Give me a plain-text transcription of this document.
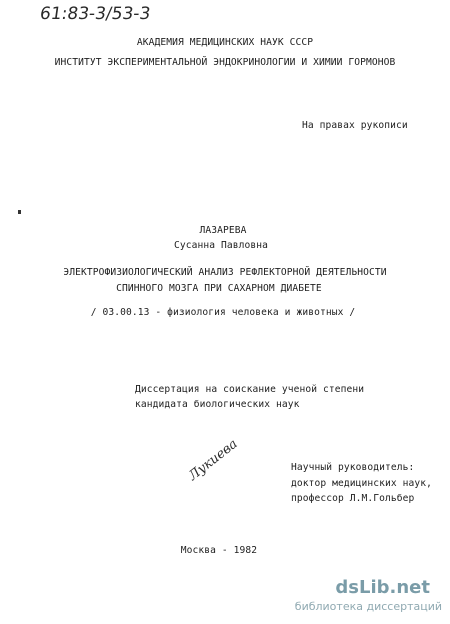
61:83-3/53-3
АКАДЕМИЯ МЕДИЦИНСКИХ НАУК СССР
ИНСТИТУТ ЭКСПЕРИМЕНТАЛЬНОЙ ЭНДОКРИНОЛОГИИ И ХИМИИ ГОРМОНОВ
На правах рукописи
ЛАЗАРЕВА
Сусанна Павловна
ЭЛЕКТРОФИЗИОЛОГИЧЕСКИЙ АНАЛИЗ РЕФЛЕКТОРНОЙ ДЕЯТЕЛЬНОСТИ
СПИННОГО МОЗГА ПРИ САХАРНОМ ДИАБЕТЕ
/ 03.00.13 - физиология человека и животных /
Диссертация на соискание ученой степени
кандидата биологических наук
Лукиева	Научный руководитель:
доктор медицинских наук,
профессор Л.М.Гольбер
Москва - 1982
dsLib.net
библиотека диссертаций
